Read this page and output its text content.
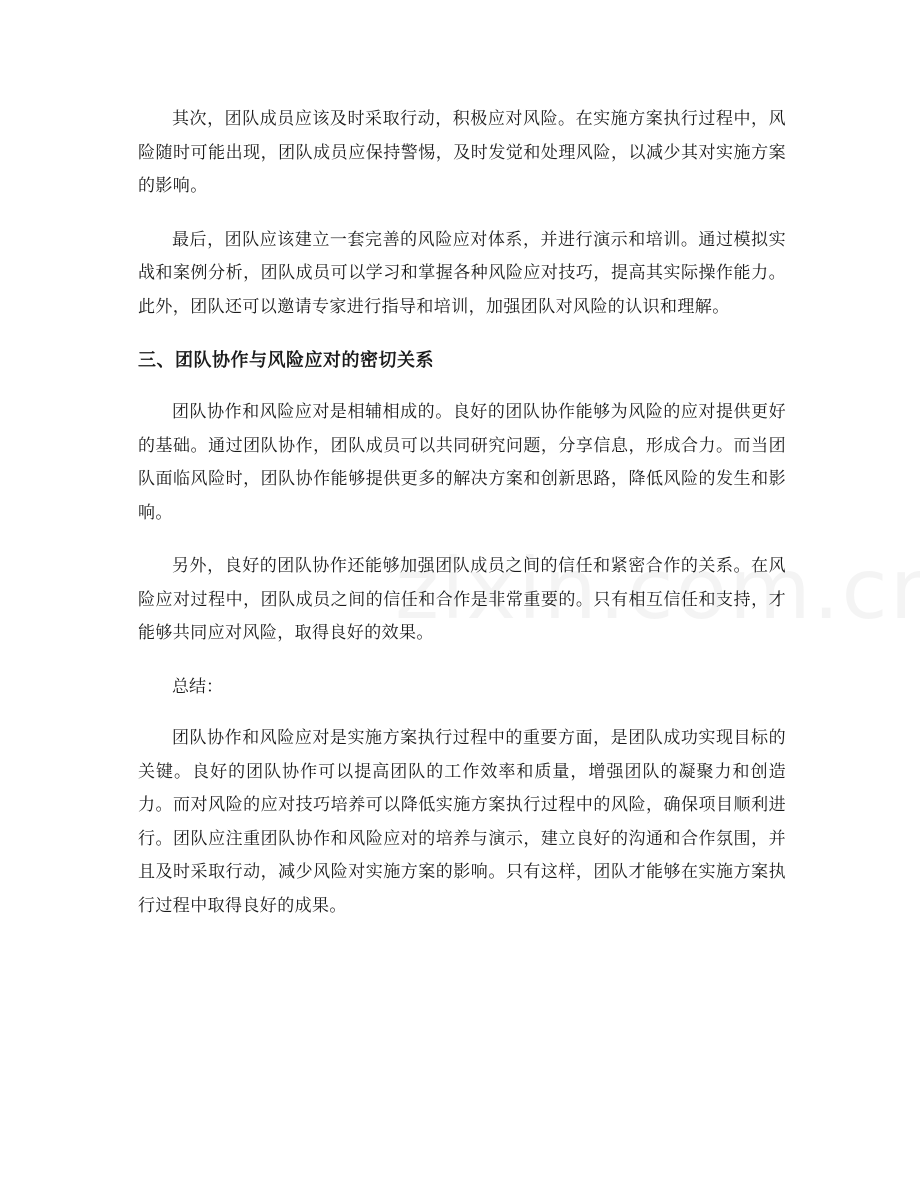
其次，团队成员应该及时采取行动，积极应对风险。在实施方案执行过程中，风险随时可能出现，团队成员应保持警惕，及时发觉和处理风险，以减少其对实施方案的影响。

最后，团队应该建立一套完善的风险应对体系，并进行演示和培训。通过模拟实战和案例分析，团队成员可以学习和掌握各种风险应对技巧，提高其实际操作能力。此外，团队还可以邀请专家进行指导和培训，加强团队对风险的认识和理解。

三、团队协作与风险应对的密切关系

团队协作和风险应对是相辅相成的。良好的团队协作能够为风险的应对提供更好的基础。通过团队协作，团队成员可以共同研究问题，分享信息，形成合力。而当团队面临风险时，团队协作能够提供更多的解决方案和创新思路，降低风险的发生和影响。

另外，良好的团队协作还能够加强团队成员之间的信任和紧密合作的关系。在风险应对过程中，团队成员之间的信任和合作是非常重要的。只有相互信任和支持，才能够共同应对风险，取得良好的效果。

总结：

团队协作和风险应对是实施方案执行过程中的重要方面，是团队成功实现目标的关键。良好的团队协作可以提高团队的工作效率和质量，增强团队的凝聚力和创造力。而对风险的应对技巧培养可以降低实施方案执行过程中的风险，确保项目顺利进行。团队应注重团队协作和风险应对的培养与演示，建立良好的沟通和合作氛围，并且及时采取行动，减少风险对实施方案的影响。只有这样，团队才能够在实施方案执行过程中取得良好的成果。
